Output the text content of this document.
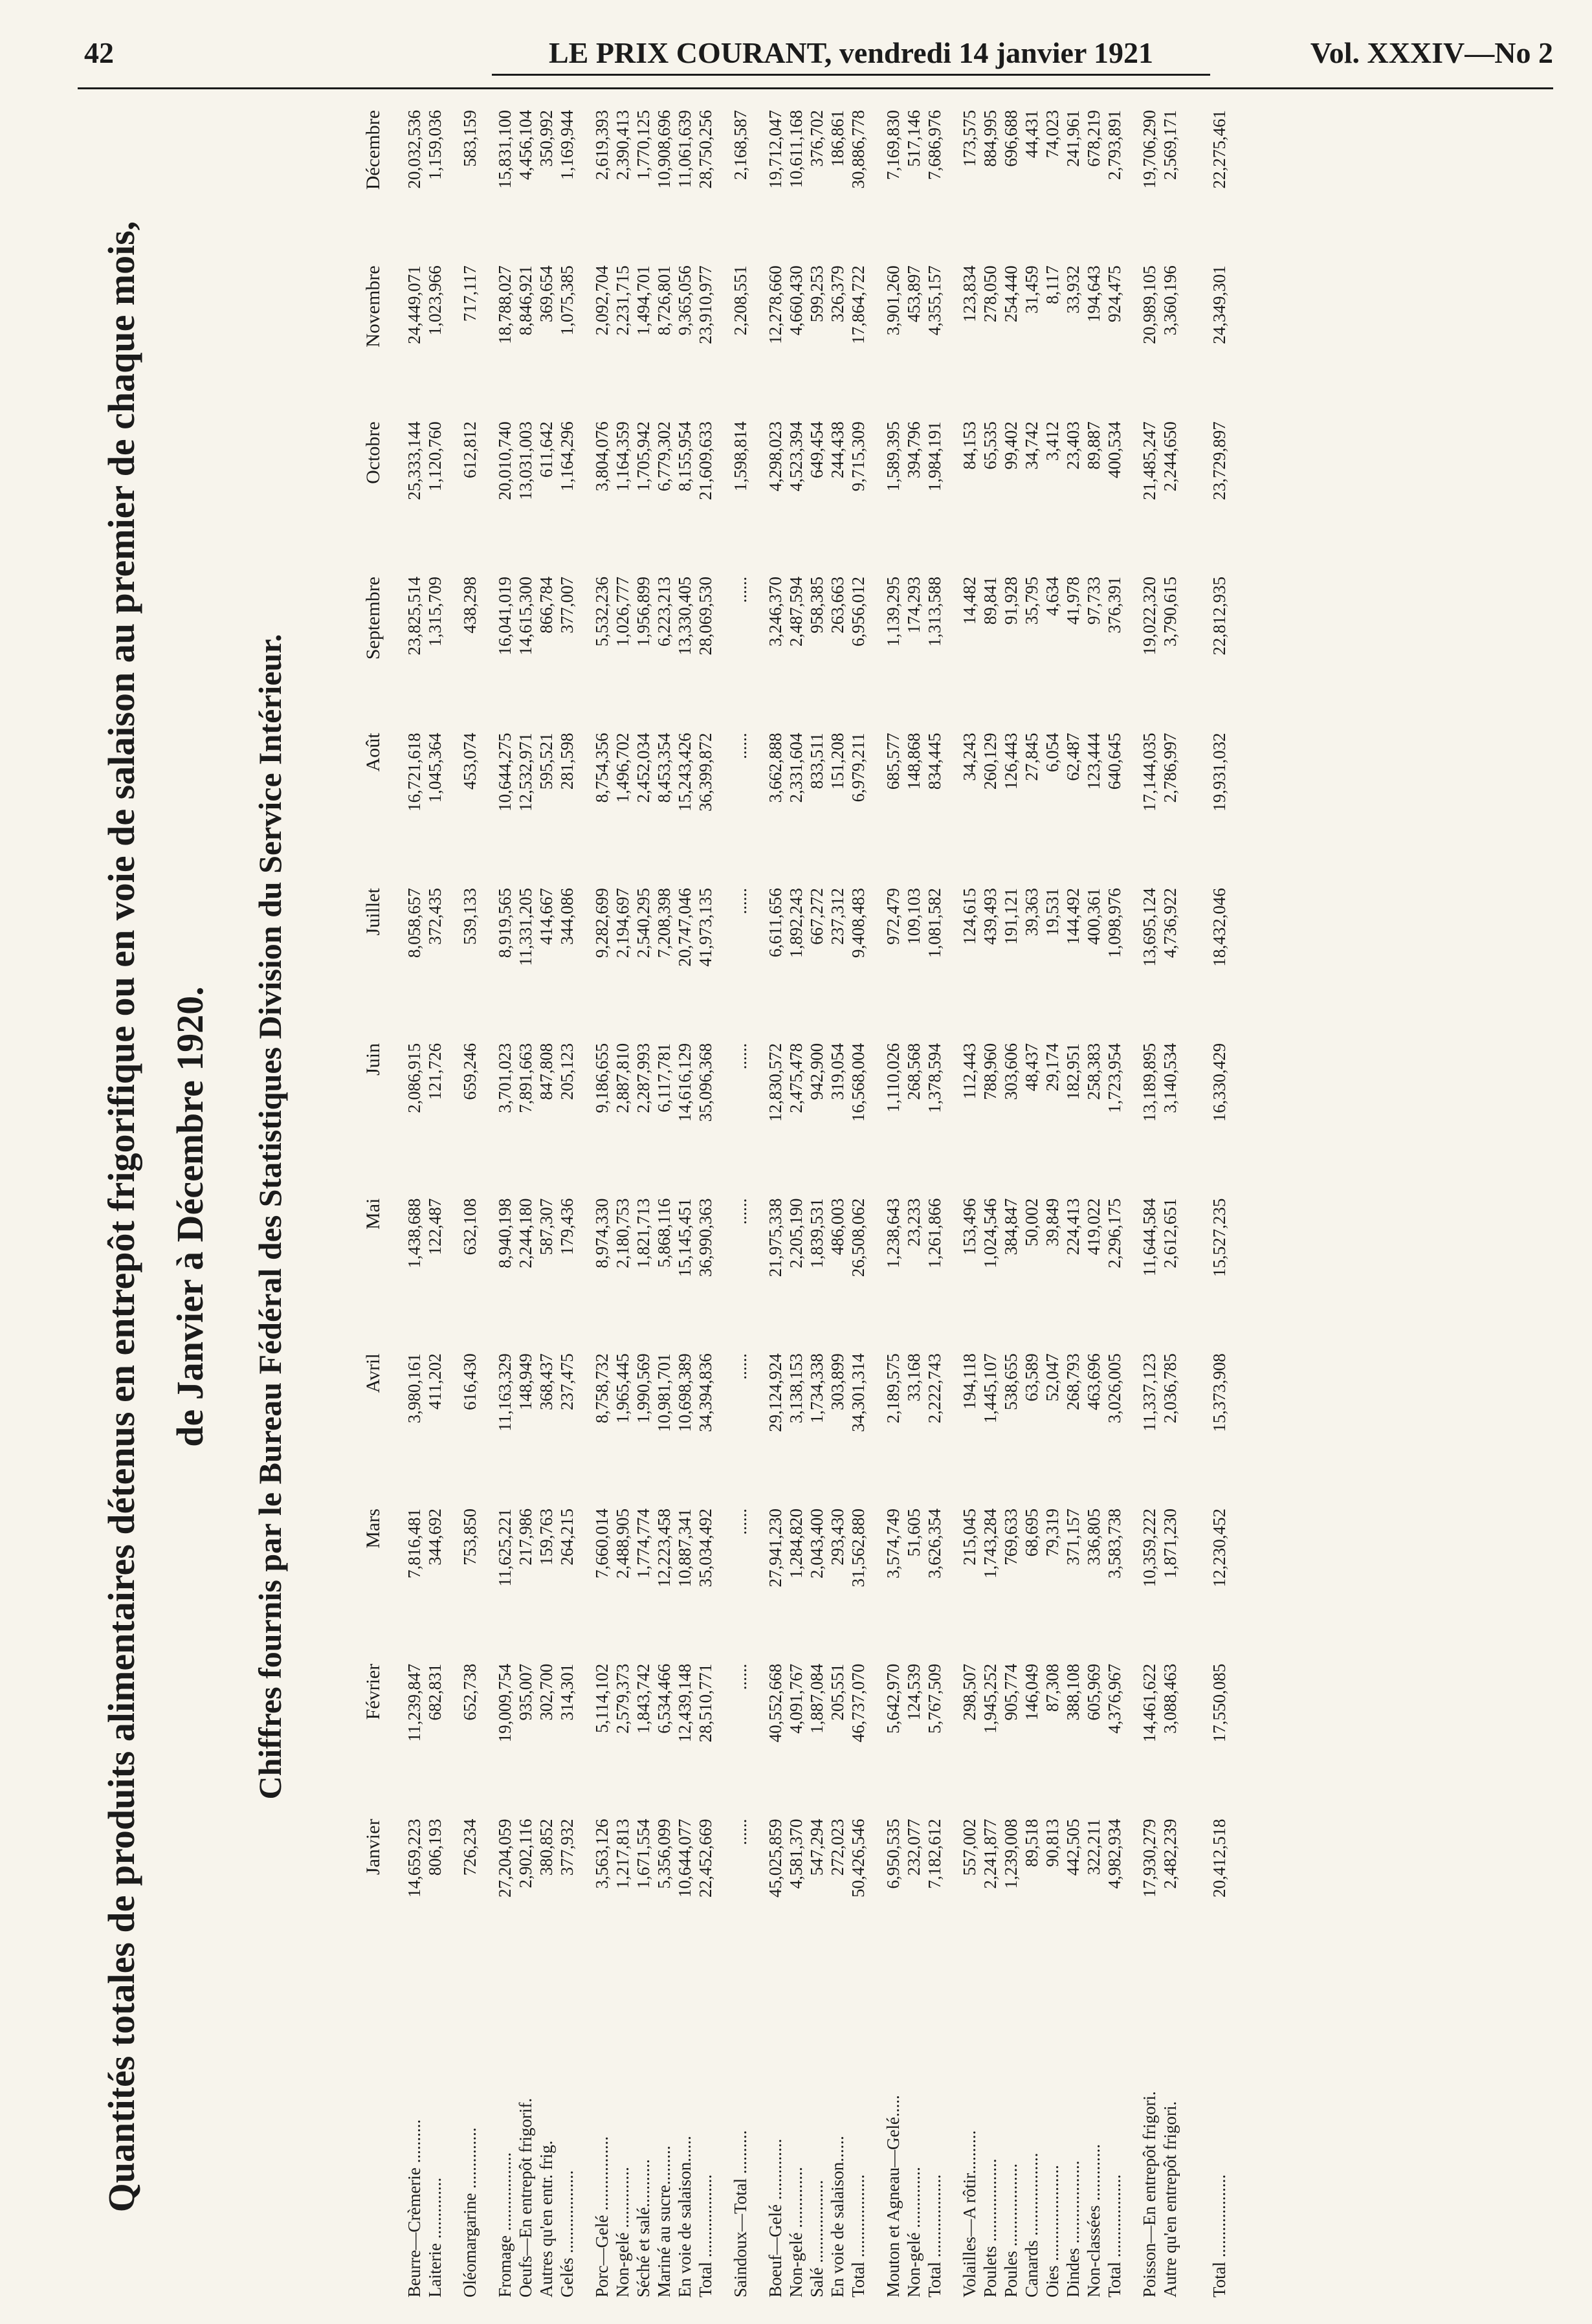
42	LE PRIX COURANT, vendredi 14 janvier 1921	Vol. XXXIV—No 2
Quantités totales de produits alimentaires détenus en entrepôt frigorifique ou en voie de salaison au premier de chaque mois, de Janvier à Décembre 1920. Chiffres fournis par le Bureau Fédéral des Statistiques Division du Service Intérieur.
	Janvier	Février	Mars	Avril	Mai	Juin	Juillet	Août	Septembre	Octobre	Novembre	Décembre
Beurre—Crèmerie ..........	14,659,223	11,239,847	7,816,481	3,980,161	1,438,688	2,086,915	8,058,657	16,721,618	23,825,514	25,333,144	24,449,071	20,032,536
Laiterie ..............	806,193	682,831	344,692	411,202	122,487	121,726	372,435	1,045,364	1,315,709	1,120,760	1,023,966	1,159,036

Oléomargarine ..............	726,234	652,738	753,850	616,430	632,108	659,246	539,133	453,074	438,298	612,812	717,117	583,159

Fromage ..................	27,204,059	19,009,754	11,625,221	11,163,329	8,940,198	3,701,023	8,919,565	10,644,275	16,041,019	20,010,740	18,788,027	15,831,100
Oeufs—En entrepôt frigorif.	2,902,116	935,007	217,986	148,949	2,244,180	7,891,663	11,331,205	12,532,971	14,615,300	13,031,003	8,846,921	4,456,104
Autres qu'en entr. frig.	380,852	302,700	159,763	368,437	587,307	847,808	414,667	595,521	866,784	611,642	369,654	350,992
Gelés ...................	377,932	314,301	264,215	237,475	179,436	205,123	344,086	281,598	377,007	1,164,296	1,075,385	1,169,944

Porc—Gelé .................	3,563,126	5,114,102	7,660,014	8,758,732	8,974,330	9,186,655	9,282,699	8,754,356	5,532,236	3,804,076	2,092,704	2,619,393
Non-gelé ..............	1,217,813	2,579,373	2,488,905	1,965,445	2,180,753	2,887,810	2,194,697	1,496,702	1,026,777	1,164,359	2,231,715	2,390,413
Séché et salé...........	1,671,554	1,843,742	1,774,774	1,990,569	1,821,713	2,287,993	2,540,295	2,452,034	1,956,899	1,705,942	1,494,701	1,770,125
Mariné au sucre.........	5,356,099	6,534,466	12,223,458	10,981,701	5,868,116	6,117,781	7,208,398	8,453,354	6,223,213	6,779,302	8,726,801	10,908,696
En voie de salaison......	10,644,077	12,439,148	10,887,341	10,698,389	15,145,451	14,616,129	20,747,046	15,243,426	13,330,405	8,155,954	9,365,056	11,061,639
Total ...................	22,452,669	28,510,771	35,034,492	34,394,836	36,990,363	35,096,368	41,973,135	36,399,872	28,069,530	21,609,633	23,910,977	28,750,256

Saindoux—Total ..........	......	......	......	......	......	......	......	......	......	1,598,814	2,208,551	2,168,587

Boeuf—Gelé ..............	45,025,859	40,552,668	27,941,230	29,124,924	21,975,338	12,830,572	6,611,656	3,662,888	3,246,370	4,298,023	12,278,660	19,712,047
Non-gelé ..............	4,581,370	4,091,767	1,284,820	3,138,153	2,205,190	2,475,478	1,892,243	2,331,604	2,487,594	4,523,394	4,660,430	10,611,168
Salé ...................	547,294	1,887,084	2,043,400	1,734,338	1,839,531	942,900	667,272	833,511	958,385	649,454	599,253	376,702
En voie de salaison......	272,023	205,551	293,430	303,899	486,003	319,054	237,312	151,208	263,663	244,438	326,379	186,861
Total ...................	50,426,546	46,737,070	31,562,880	34,301,314	26,508,062	16,568,004	9,408,483	6,979,211	6,956,012	9,715,309	17,864,722	30,886,778

Mouton et Agneau—Gelé.....	6,950,535	5,642,970	3,574,749	2,189,575	1,238,643	1,110,026	972,479	685,577	1,139,295	1,589,395	3,901,260	7,169,830
Non-gelé ..............	232,077	124,539	51,605	33,168	23,233	268,568	109,103	148,868	174,293	394,796	453,897	517,146
Total ...................	7,182,612	5,767,509	3,626,354	2,222,743	1,261,866	1,378,594	1,081,582	834,445	1,313,588	1,984,191	4,355,157	7,686,976

Volailles—A rôtir..........	557,002	298,507	215,045	194,118	153,496	112,443	124,615	34,243	14,482	84,153	123,834	173,575
Poulets ...................	2,241,877	1,945,252	1,743,284	1,445,107	1,024,546	788,960	439,493	260,129	89,841	65,535	278,050	884,995
Poules ...................	1,239,008	905,774	769,633	538,655	384,847	303,606	191,121	126,443	91,928	99,402	254,440	696,688
Canards ...................	89,518	146,049	68,695	63,589	50,002	48,437	39,363	27,845	35,795	34,742	31,459	44,431
Oies ......................	90,813	87,308	79,319	52,047	39,849	29,174	19,531	6,054	4,634	3,412	8,117	74,023
Dindes ...................	442,505	388,108	371,157	268,793	224,413	182,951	144,492	62,487	41,978	23,403	33,932	241,961
Non-classées .............	322,211	605,969	336,805	463,696	419,022	258,383	400,361	123,444	97,733	89,887	194,643	678,219
Total ...................	4,982,934	4,376,967	3,583,738	3,026,005	2,296,175	1,723,954	1,098,976	640,645	376,391	400,534	924,475	2,793,891

Poisson—En entrepôt frigori.	17,930,279	14,461,622	10,359,222	11,337,123	11,644,584	13,189,895	13,695,124	17,144,035	19,022,320	21,485,247	20,989,105	19,706,290
Autre qu'en entrepôt frigori.	2,482,239	3,088,463	1,871,230	2,036,785	2,612,651	3,140,534	4,736,922	2,786,997	3,790,615	2,244,650	3,360,196	2,569,171
Total ...................	20,412,518	17,550,085	12,230,452	15,373,908	15,527,235	16,330,429	18,432,046	19,931,032	22,812,935	23,729,897	24,349,301	22,275,461
